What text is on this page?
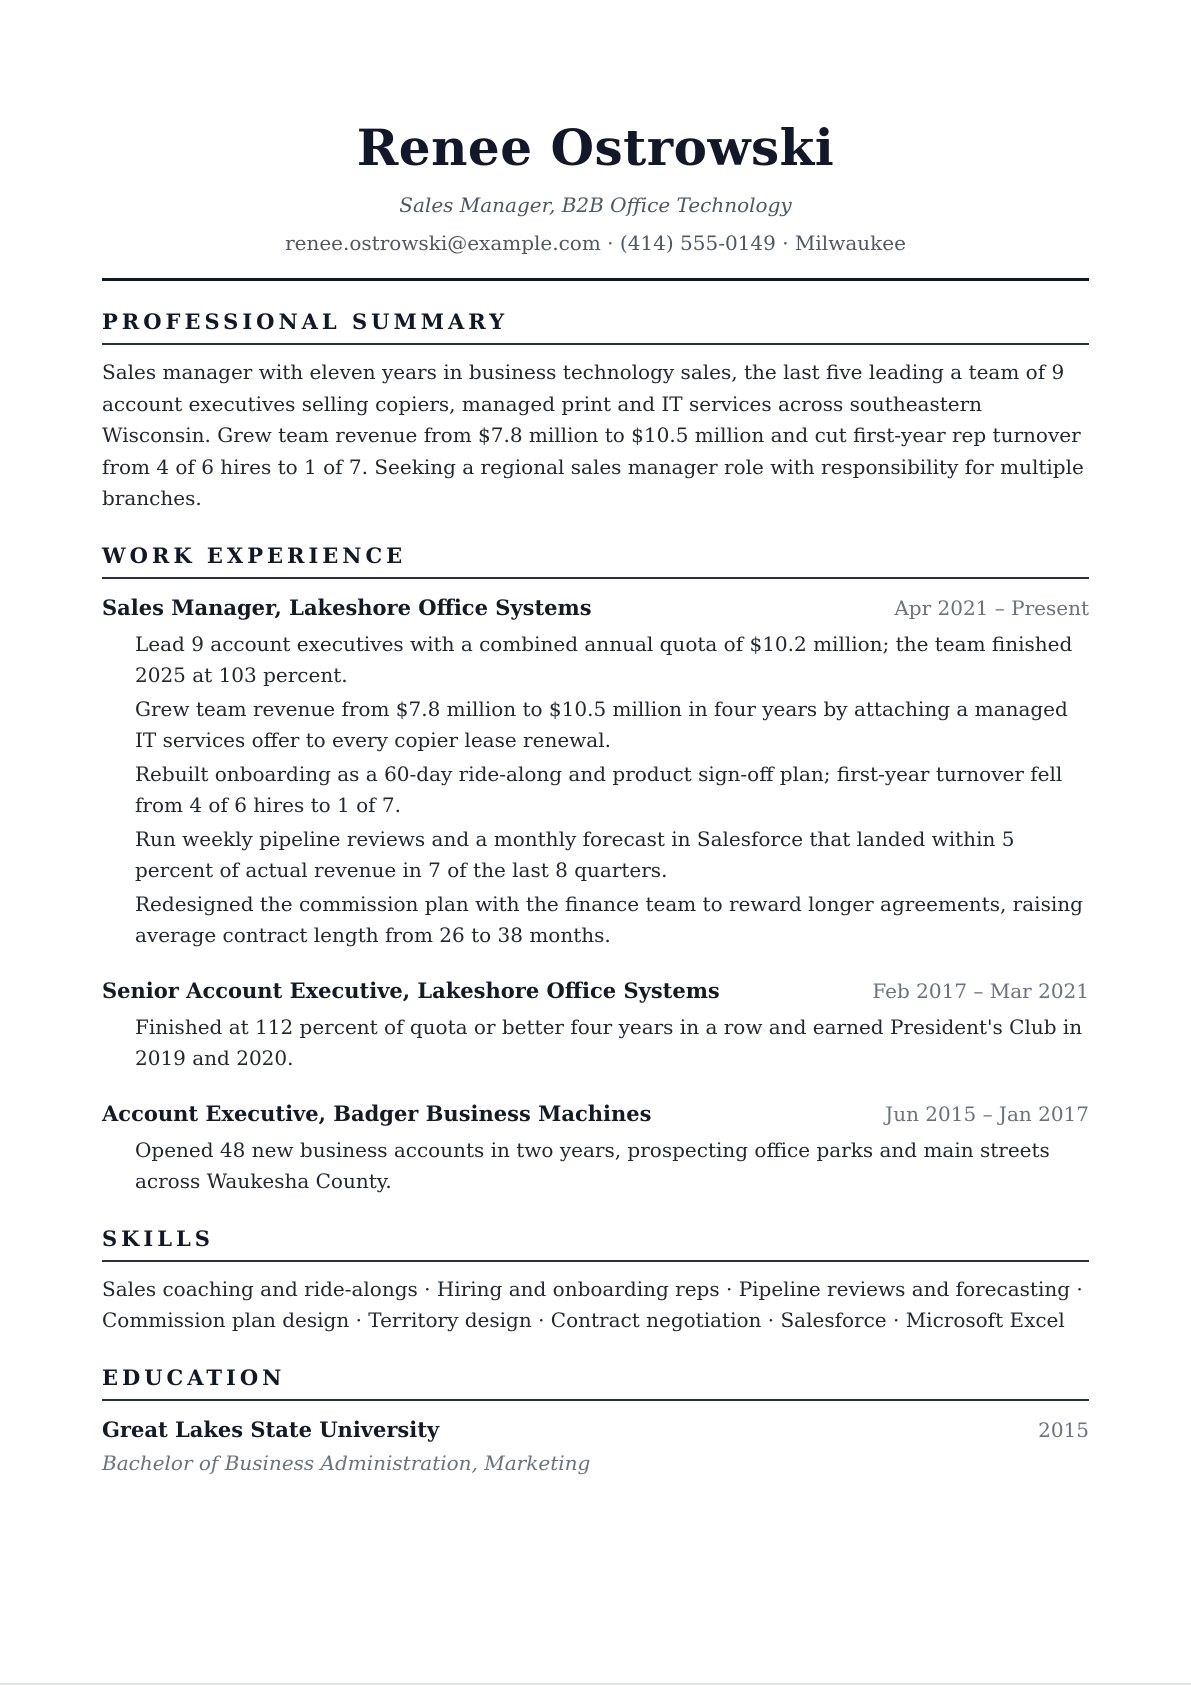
Renee Ostrowski
Sales Manager, B2B Office Technology
renee.ostrowski@example.com · (414) 555-0149 · Milwaukee
PROFESSIONAL SUMMARY
Sales manager with eleven years in business technology sales, the last five leading a team of 9 account executives selling copiers, managed print and IT services across southeastern Wisconsin. Grew team revenue from $7.8 million to $10.5 million and cut first-year rep turnover from 4 of 6 hires to 1 of 7. Seeking a regional sales manager role with responsibility for multiple branches.
WORK EXPERIENCE
Sales Manager, Lakeshore Office Systems	Apr 2021 – Present
Lead 9 account executives with a combined annual quota of $10.2 million; the team finished 2025 at 103 percent.
Grew team revenue from $7.8 million to $10.5 million in four years by attaching a managed IT services offer to every copier lease renewal.
Rebuilt onboarding as a 60-day ride-along and product sign-off plan; first-year turnover fell from 4 of 6 hires to 1 of 7.
Run weekly pipeline reviews and a monthly forecast in Salesforce that landed within 5 percent of actual revenue in 7 of the last 8 quarters.
Redesigned the commission plan with the finance team to reward longer agreements, raising average contract length from 26 to 38 months.
Senior Account Executive, Lakeshore Office Systems	Feb 2017 – Mar 2021
Finished at 112 percent of quota or better four years in a row and earned President's Club in 2019 and 2020.
Account Executive, Badger Business Machines	Jun 2015 – Jan 2017
Opened 48 new business accounts in two years, prospecting office parks and main streets across Waukesha County.
SKILLS
Sales coaching and ride-alongs · Hiring and onboarding reps · Pipeline reviews and forecasting · Commission plan design · Territory design · Contract negotiation · Salesforce · Microsoft Excel
EDUCATION
Great Lakes State University	2015
Bachelor of Business Administration, Marketing
